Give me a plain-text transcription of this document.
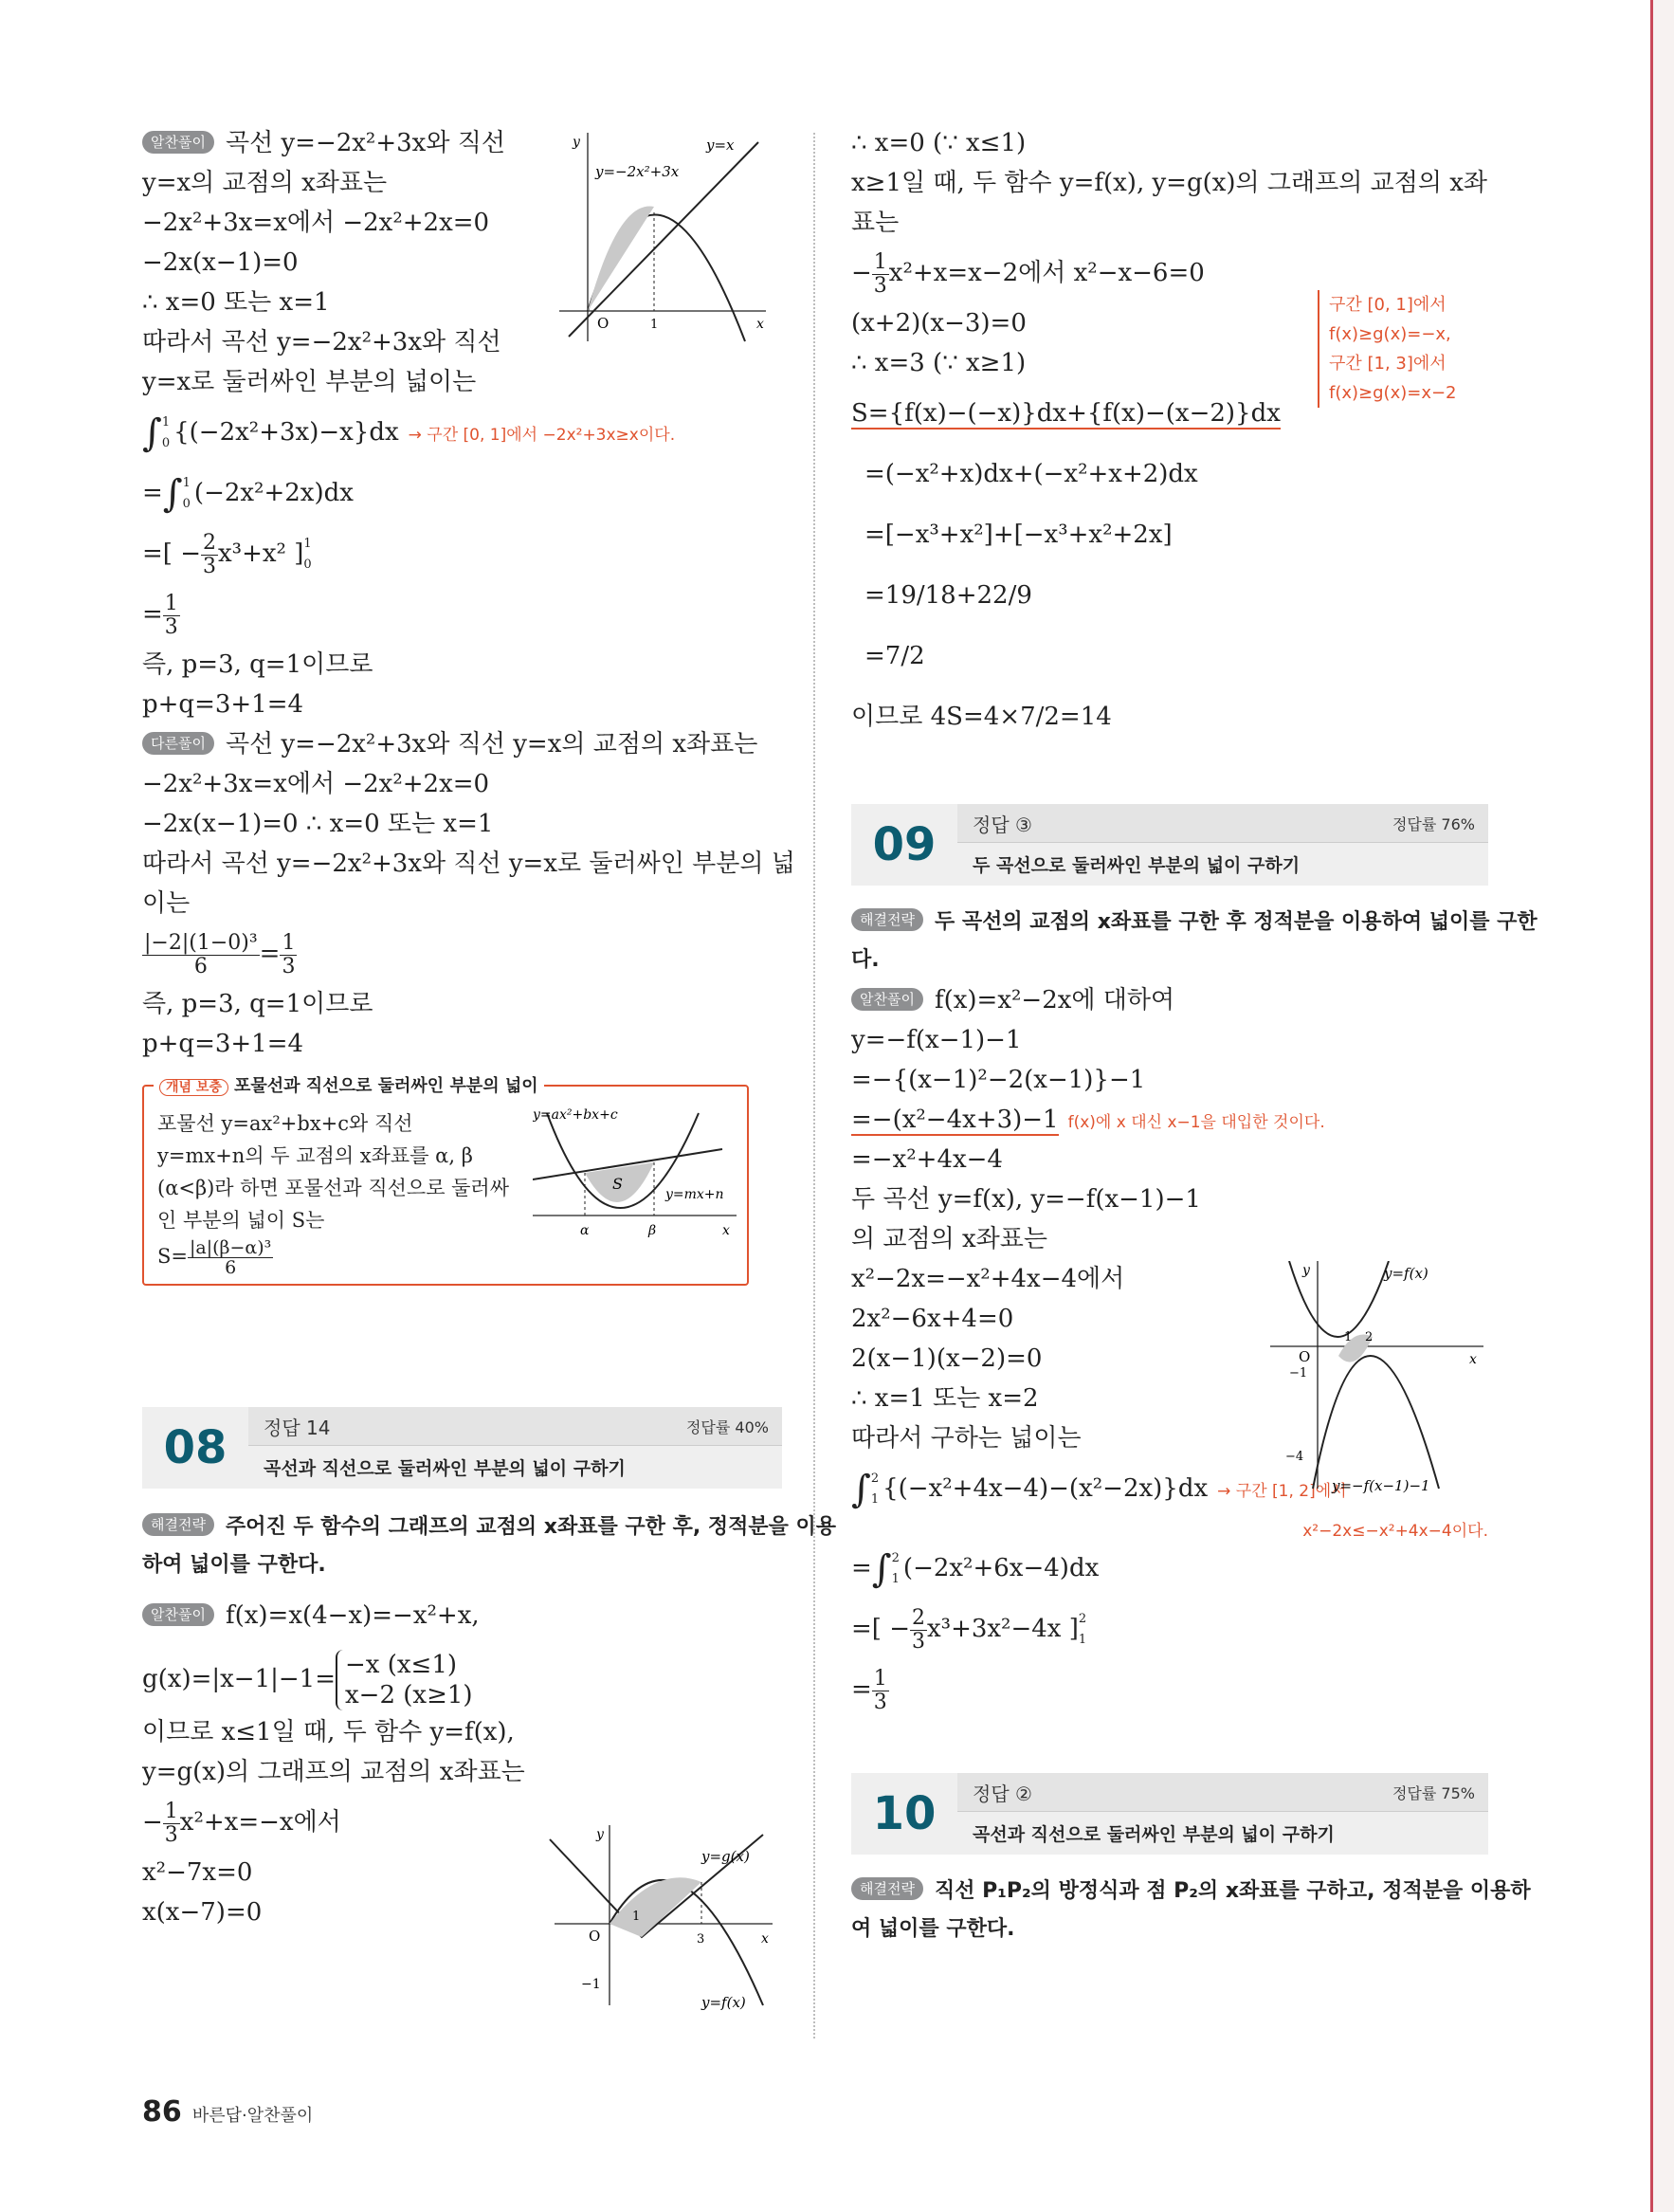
알찬풀이 곡선 y=−2x²+3x와 직선
y=x의 교점의 x좌표는
−2x²+3x=x에서 −2x²+2x=0
−2x(x−1)=0
∴ x=0 또는 x=1
따라서 곡선 y=−2x²+3x와 직선
y=x로 둘러싸인 부분의 넓이는
∫ 1
0 {(−2x²+3x)−x}dx → 구간 [0, 1]에서 −2x²+3x≥x이다.
=∫ 1
0 (−2x²+2x)dx
=[ − $\frac{2}{3} x^3+x^2$ ] 1
0
= $\frac{1}{3}$
즉, p=3, q=1이므로
p+q=3+1=4
다른풀이 곡선 y=−2x²+3x와 직선 y=x의 교점의 x좌표는
−2x²+3x=x에서 −2x²+2x=0
−2x(x−1)=0 ∴ x=0 또는 x=1
따라서 곡선 y=−2x²+3x와 직선 y=x로 둘러싸인 부분의 넓
이는
$\frac{\text{|−2|(1−0)³}}{6} = \frac{1}{3}$
즉, p=3, q=1이므로
p+q=3+1=4
개념 보충 포물선과 직선으로 둘러싸인 부분의 넓이
포물선 y=ax²+bx+c와 직선
y=mx+n의 두 교점의 x좌표를 α, β
(α<β)라 하면 포물선과 직선으로 둘러싸
인 부분의 넓이 S는
$S= \frac{\text{|a|(β−α)³}}{6}$
y=ax²+bx+c
y=mx+n
S
α	β	x
08	정답 14	정답률 40%
곡선과 직선으로 둘러싸인 부분의 넓이 구하기
해결전략 주어진 두 함수의 그래프의 교점의 x좌표를 구한 후, 정적분을 이용
하여 넓이를 구한다.
알찬풀이 f(x)=x(4−x)=−x²+x,
g(x)=|x−1|−1= −x (x≤1)
x−2 (x≥1)
이므로 x≤1일 때, 두 함수 y=f(x),
y=g(x)의 그래프의 교점의 x좌표는
− $\frac{1}{3} x^2+x=-x$에서
x²−7x=0
x(x−7)=0
y
x
O	1
y=x
y=−2x²+3x
y
x
O
1
3
−1
y=g(x)
y=f(x)
∴ x=0 (∵ x≤1)
x≥1일 때, 두 함수 y=f(x), y=g(x)의 그래프의 교점의 x좌
표는
− $\frac{1}{3} x^2+x=x-2$에서 x²−x−6=0
(x+2)(x−3)=0
∴ x=3 (∵ x≥1)
S={f(x)−(−x)}dx+{f(x)−(x−2)}dx
=(−x²+x)dx+(−x²+x+2)dx
=[−x³+x²]+[−x³+x²+2x]
=19/18+22/9
=7/2
이므로 4S=4×7/2=14
09	정답 ③	정답률 76%
두 곡선으로 둘러싸인 부분의 넓이 구하기
해결전략 두 곡선의 교점의 x좌표를 구한 후 정적분을 이용하여 넓이를 구한
다.
알찬풀이 f(x)=x²−2x에 대하여
y=−f(x−1)−1
=−{(x−1)²−2(x−1)}−1
=−(x²−4x+3)−1 f(x)에 x 대신 x−1을 대입한 것이다.
=−x²+4x−4
두 곡선 y=f(x), y=−f(x−1)−1
의 교점의 x좌표는
x²−2x=−x²+4x−4에서
2x²−6x+4=0
2(x−1)(x−2)=0
∴ x=1 또는 x=2
따라서 구하는 넓이는
∫ 2
1 {(−x²+4x−4)−(x²−2x)}dx → 구간 [1, 2]에서
x²−2x≤−x²+4x−4이다.
=∫ 2
1 (−2x²+6x−4)dx
=[ − $\frac{2}{3} x^3+3x^2-4x$ ] 2
1
= $\frac{1}{3}$
10	정답 ②	정답률 75%
곡선과 직선으로 둘러싸인 부분의 넓이 구하기
해결전략 직선 P₁P₂의 방정식과 점 P₂의 x좌표를 구하고, 정적분을 이용하
여 넓이를 구한다.
구간 [0, 1]에서
f(x)≥g(x)=−x,
구간 [1, 3]에서
f(x)≥g(x)=x−2
y
x
O
1 2
−1
−4
y=f(x)
y=−f(x−1)−1
86 바른답·알찬풀이
